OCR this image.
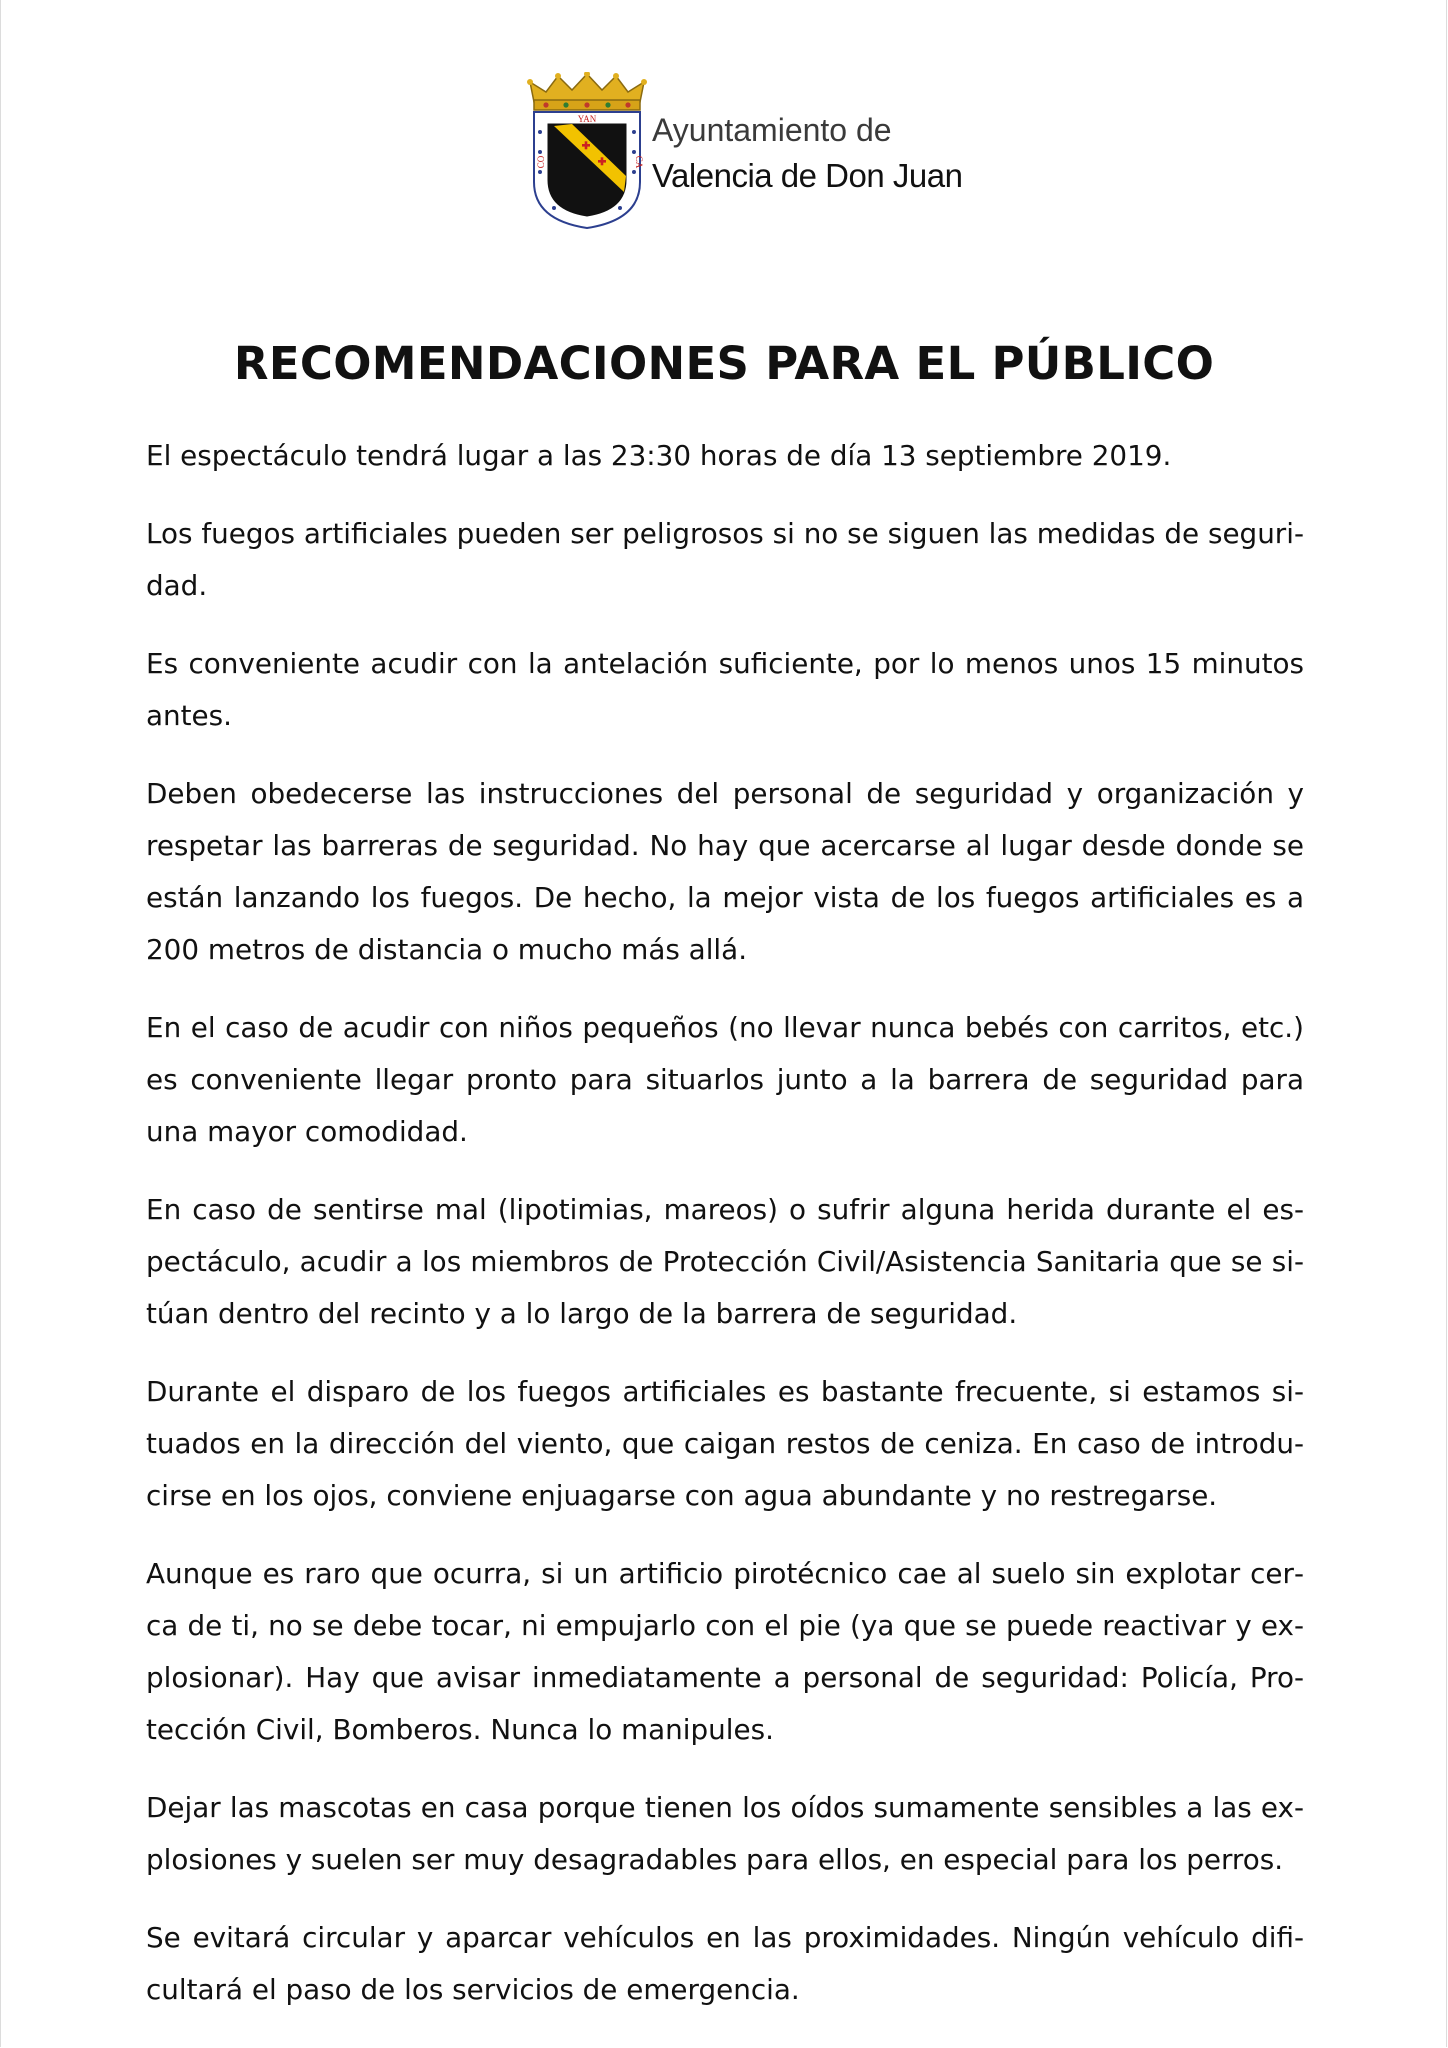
YAN
CO	CA
Ayuntamiento de
Valencia de Don Juan
RECOMENDACIONES PARA EL PÚBLICO

El espectáculo tendrá lugar a las 23:30 horas de día 13 septiembre 2019.

Los fuegos artificiales pueden ser peligrosos si no se siguen las medidas de seguridad.

Es conveniente acudir con la antelación suficiente, por lo menos unos 15 minutos antes.

Deben obedecerse las instrucciones del personal de seguridad y organización y respetar las barreras de seguridad. No hay que acercarse al lugar desde donde se están lanzando los fuegos. De hecho, la mejor vista de los fuegos artificiales es a 200 metros de distancia o mucho más allá.

En el caso de acudir con niños pequeños (no llevar nunca bebés con carritos, etc.) es conveniente llegar pronto para situarlos junto a la barrera de seguridad para una mayor comodidad.

En caso de sentirse mal (lipotimias, mareos) o sufrir alguna herida durante el espectáculo, acudir a los miembros de Protección Civil/Asistencia Sanitaria que se sitúan dentro del recinto y a lo largo de la barrera de seguridad.

Durante el disparo de los fuegos artificiales es bastante frecuente, si estamos situados en la dirección del viento, que caigan restos de ceniza. En caso de introducirse en los ojos, conviene enjuagarse con agua abundante y no restregarse.

Aunque es raro que ocurra, si un artificio pirotécnico cae al suelo sin explotar cerca de ti, no se debe tocar, ni empujarlo con el pie (ya que se puede reactivar y explosionar). Hay que avisar inmediatamente a personal de seguridad: Policía, Protección Civil, Bomberos. Nunca lo manipules.

Dejar las mascotas en casa porque tienen los oídos sumamente sensibles a las explosiones y suelen ser muy desagradables para ellos, en especial para los perros.

Se evitará circular y aparcar vehículos en las proximidades. Ningún vehículo dificultará el paso de los servicios de emergencia.
